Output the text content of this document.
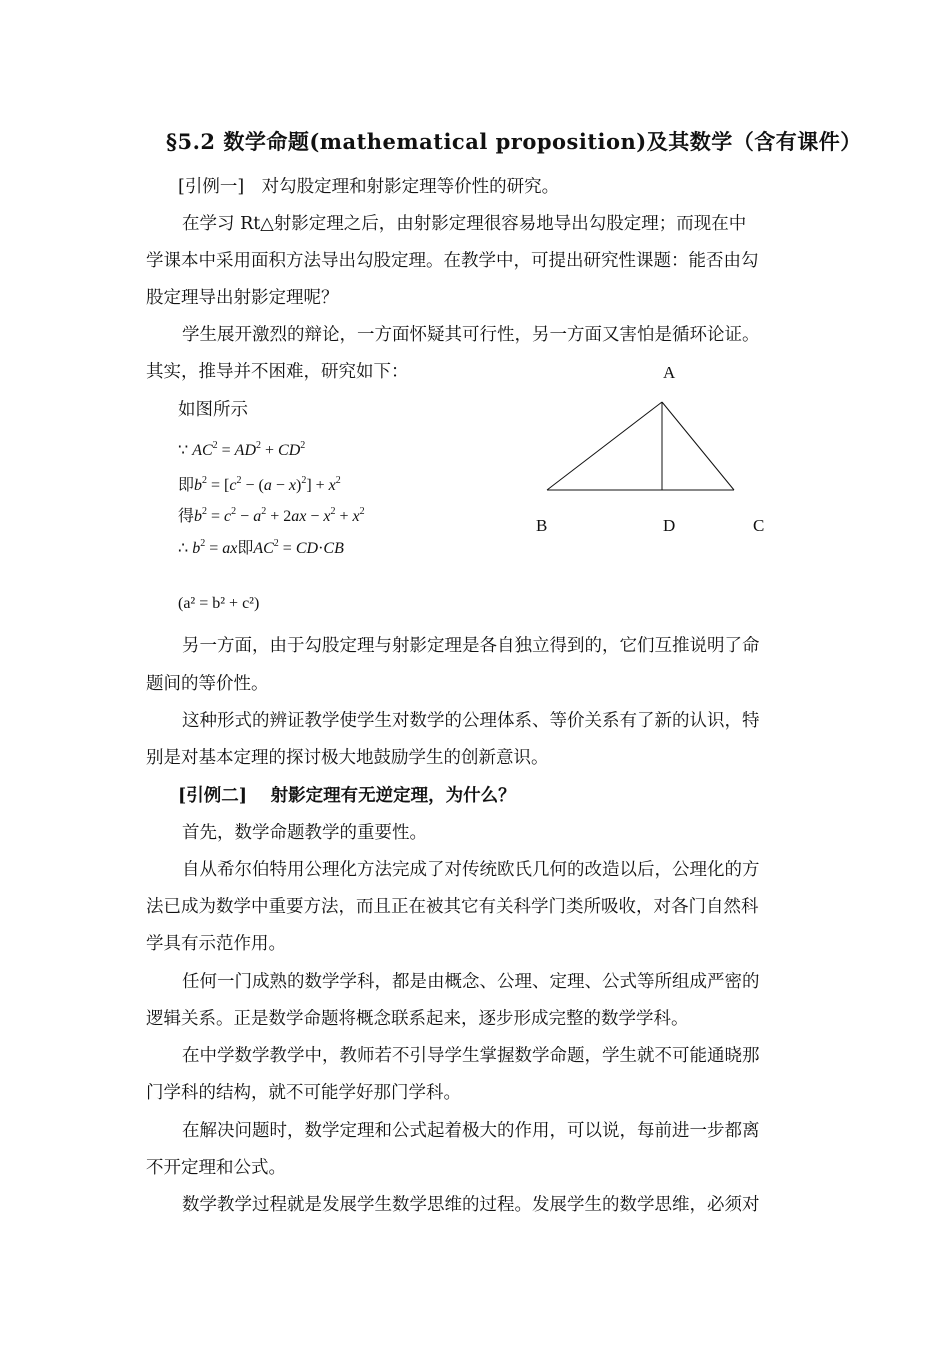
§5.2 数学命题(mathematical proposition)及其数学（含有课件）
[引例一]　对勾股定理和射影定理等价性的研究。
在学习 Rt△射影定理之后，由射影定理很容易地导出勾股定理；而现在中
学课本中采用面积方法导出勾股定理。在教学中，可提出研究性课题：能否由勾
股定理导出射影定理呢？
学生展开激烈的辩论，一方面怀疑其可行性，另一方面又害怕是循环论证。
其实，推导并不困难，研究如下：
如图所示
∵ $AC^2 = AD^2 + CD^2$
即$b^2 = [c^2 - (a - x)^2] + x^2$
得$b^2 = c^2 - a^2 + 2ax - x^2 + x^2$
∴ $b^2$ = ax即$AC^2 = CD\cdot CB$
(a² = b² + c²)
A
B	D	C
另一方面，由于勾股定理与射影定理是各自独立得到的，它们互推说明了命
题间的等价性。
这种形式的辨证教学使学生对数学的公理体系、等价关系有了新的认识，特
别是对基本定理的探讨极大地鼓励学生的创新意识。
[引例二]　 射影定理有无逆定理，为什么？
首先，数学命题教学的重要性。
自从希尔伯特用公理化方法完成了对传统欧氏几何的改造以后，公理化的方
法已成为数学中重要方法，而且正在被其它有关科学门类所吸收，对各门自然科
学具有示范作用。
任何一门成熟的数学学科，都是由概念、公理、定理、公式等所组成严密的
逻辑关系。正是数学命题将概念联系起来，逐步形成完整的数学学科。
在中学数学教学中，教师若不引导学生掌握数学命题，学生就不可能通晓那
门学科的结构，就不可能学好那门学科。
在解决问题时，数学定理和公式起着极大的作用，可以说，每前进一步都离
不开定理和公式。
数学教学过程就是发展学生数学思维的过程。发展学生的数学思维，必须对
